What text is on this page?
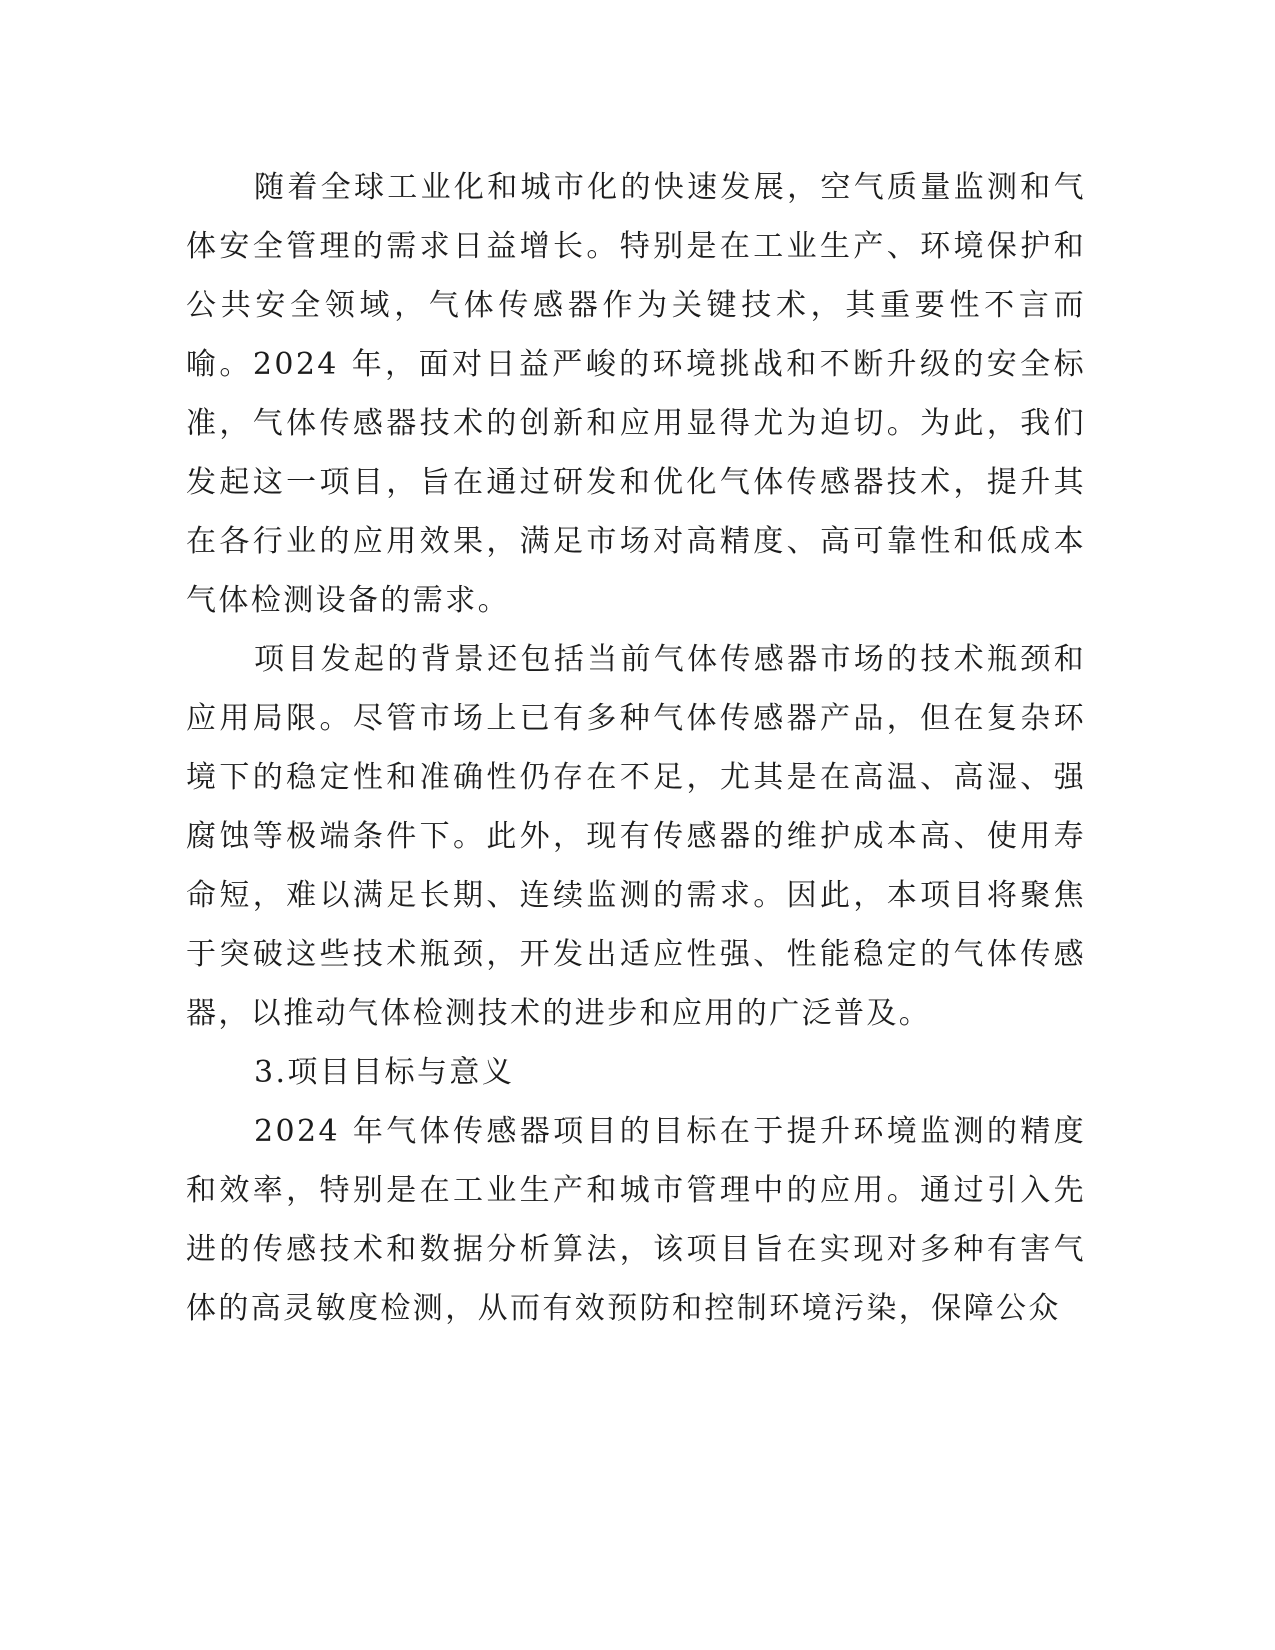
随着全球工业化和城市化的快速发展，空气质量监测和气体安全管理的需求日益增长。特别是在工业生产、环境保护和公共安全领域，气体传感器作为关键技术，其重要性不言而喻。2024 年，面对日益严峻的环境挑战和不断升级的安全标准，气体传感器技术的创新和应用显得尤为迫切。为此，我们发起这一项目，旨在通过研发和优化气体传感器技术，提升其在各行业的应用效果，满足市场对高精度、高可靠性和低成本气体检测设备的需求。

项目发起的背景还包括当前气体传感器市场的技术瓶颈和应用局限。尽管市场上已有多种气体传感器产品，但在复杂环境下的稳定性和准确性仍存在不足，尤其是在高温、高湿、强腐蚀等极端条件下。此外，现有传感器的维护成本高、使用寿命短，难以满足长期、连续监测的需求。因此，本项目将聚焦于突破这些技术瓶颈，开发出适应性强、性能稳定的气体传感器，以推动气体检测技术的进步和应用的广泛普及。

3.项目目标与意义

2024 年气体传感器项目的目标在于提升环境监测的精度和效率，特别是在工业生产和城市管理中的应用。通过引入先进的传感技术和数据分析算法，该项目旨在实现对多种有害气体的高灵敏度检测，从而有效预防和控制环境污染，保障公众
